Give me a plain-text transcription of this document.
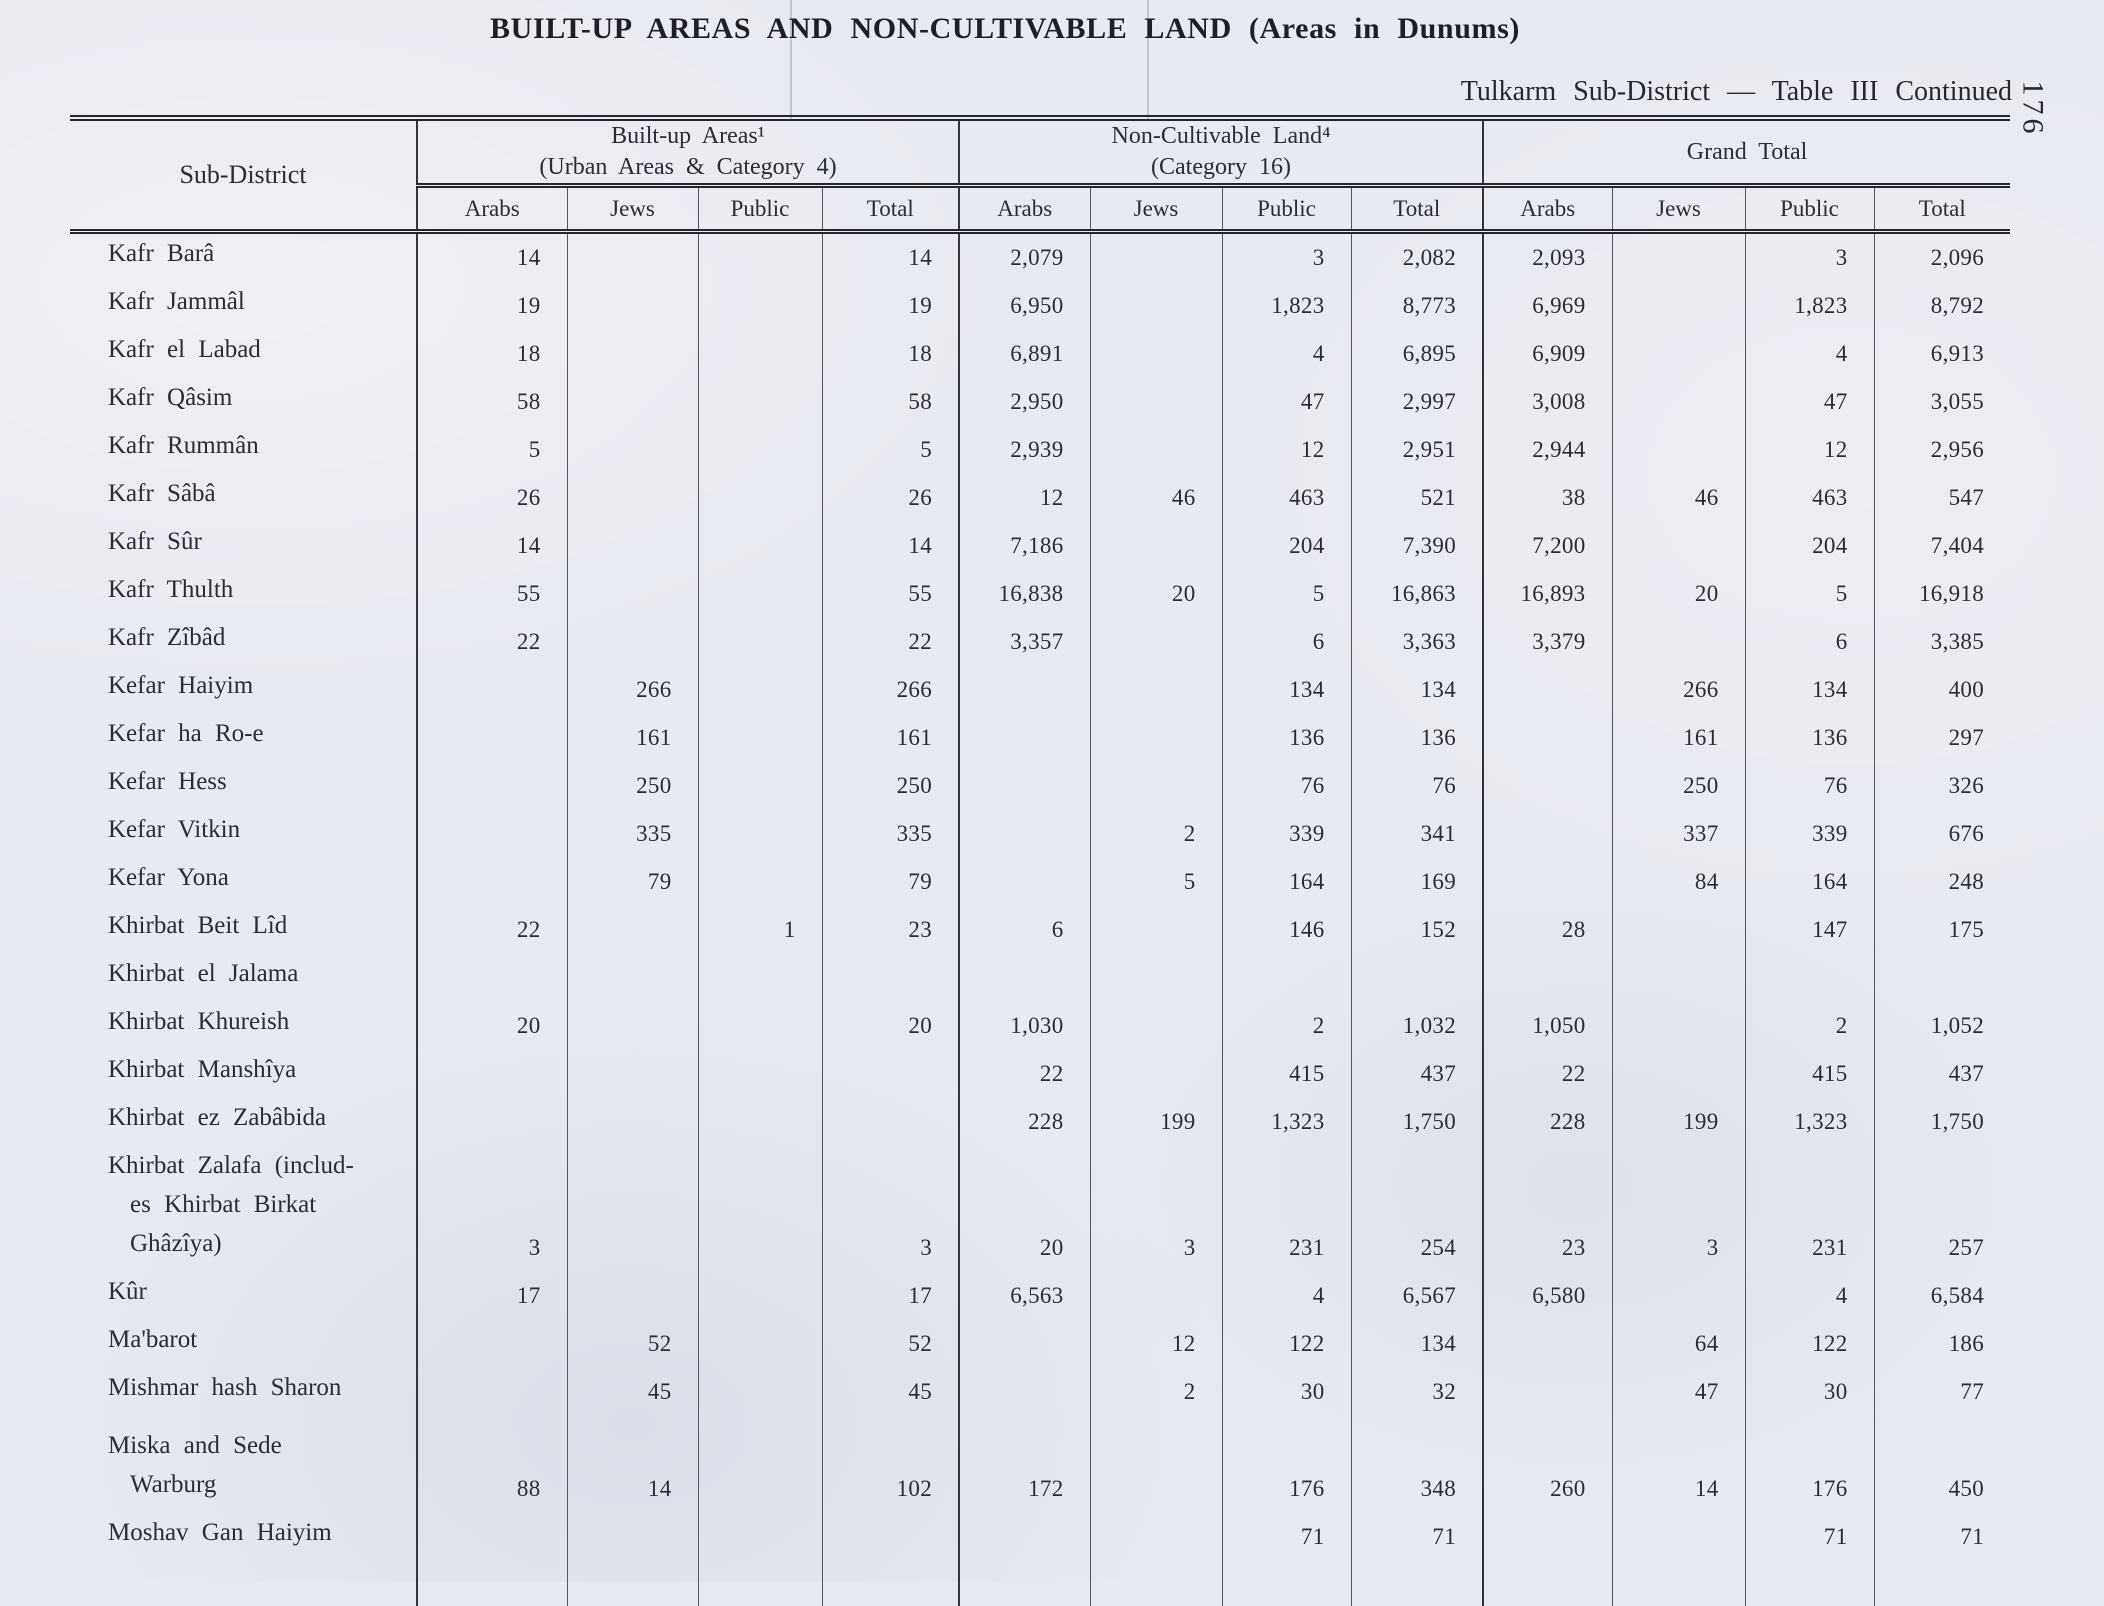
BUILT-UP AREAS AND NON-CULTIVABLE LAND (Areas in Dunums)
Tulkarm Sub-District — Table III Continued 176
Sub-District	
Built-up Areas¹
(Urban Areas & Category 4)

Non-Cultivable Land⁴
(Category 16)

Grand Total

	Arabs	Jews	Public	Total	Arabs	Jews	Public	Total	Arabs	Jews	Public	Total

Kafr Barâ	14			14	2,079		3	2,082	2,093		3	2,096

Kafr Jammâl	19			19	6,950		1,823	8,773	6,969		1,823	8,792

Kafr el Labad	18			18	6,891		4	6,895	6,909		4	6,913

Kafr Qâsim	58			58	2,950		47	2,997	3,008		47	3,055

Kafr Rummân	5			5	2,939		12	2,951	2,944		12	2,956

Kafr Sâbâ	26			26	12	46	463	521	38	46	463	547

Kafr Sûr	14			14	7,186		204	7,390	7,200		204	7,404

Kafr Thulth	55			55	16,838	20	5	16,863	16,893	20	5	16,918

Kafr Zîbâd	22			22	3,357		6	3,363	3,379		6	3,385

Kefar Haiyim		266		266			134	134		266	134	400

Kefar ha Ro-e		161		161			136	136		161	136	297

Kefar Hess		250		250			76	76		250	76	326

Kefar Vitkin		335		335		2	339	341		337	339	676

Kefar Yona		79		79		5	164	169		84	164	248

Khirbat Beit Lîd	22		1	23	6		146	152	28		147	175

Khirbat el Jalama												

Khirbat Khureish	20			20	1,030		2	1,032	1,050		2	1,052

Khirbat Manshîya					22		415	437	22		415	437

Khirbat ez Zabâbida					228	199	1,323	1,750	228	199	1,323	1,750

Khirbat Zalafa (includ-
es Khirbat Birkat
Ghâzîya)	3			3	20	3	231	254	23	3	231	257

Kûr	17			17	6,563		4	6,567	6,580		4	6,584

Ma'barot		52		52		12	122	134		64	122	186

Mishmar hash Sharon		45		45		2	30	32		47	30	77

Miska and Sede
Warburg	88	14		102	172		176	348	260	14	176	450

Moshav Gan Haiyim							71	71			71	71
